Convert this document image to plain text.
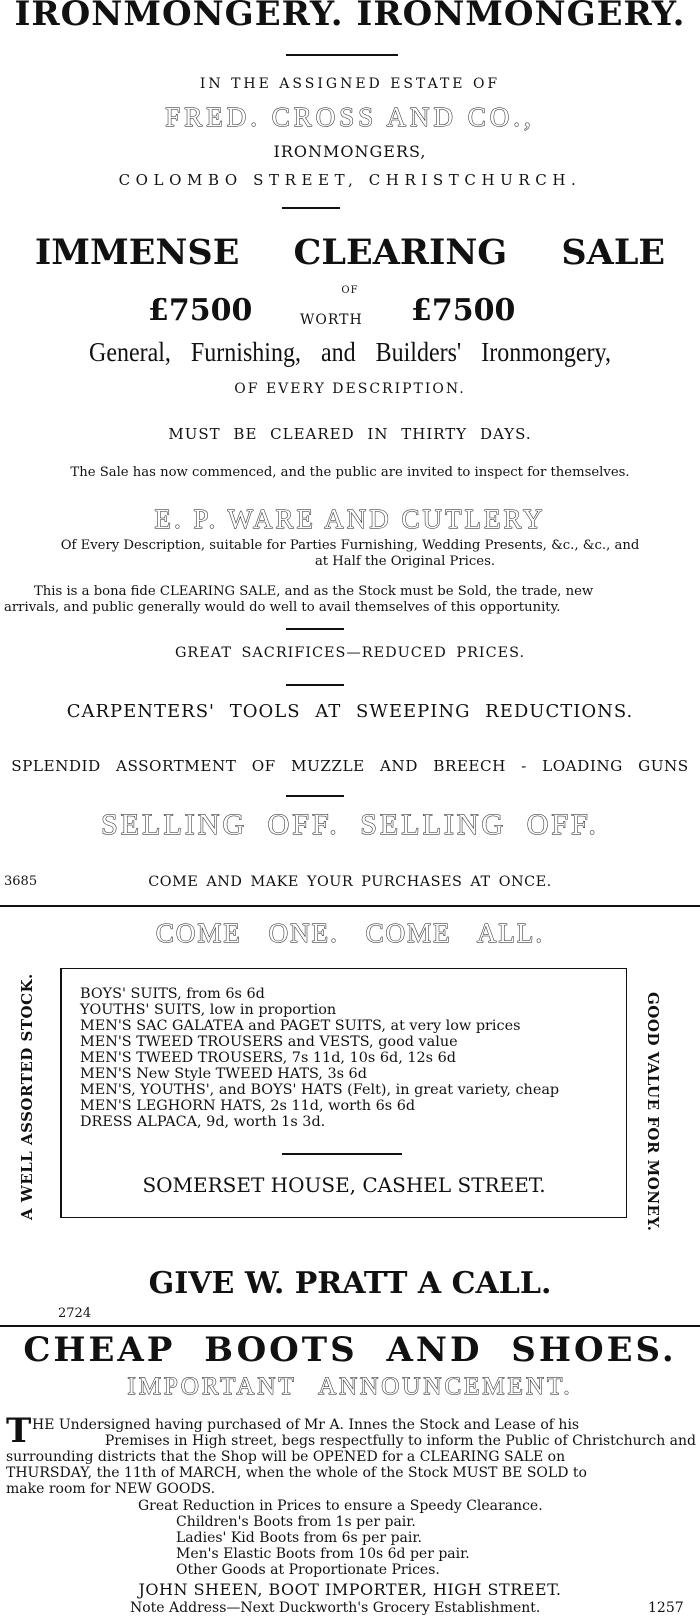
IRONMONGERY. IRONMONGERY.
IN THE ASSIGNED ESTATE OF
FRED. CROSS AND CO.,
IRONMONGERS,
COLOMBO STREET, CHRISTCHURCH.
IMMENSE CLEARING SALE
OF
£7500	WORTH £7500
General, Furnishing, and Builders' Ironmongery,
OF EVERY DESCRIPTION.
MUST BE CLEARED IN THIRTY DAYS.
The Sale has now commenced, and the public are invited to inspect for themselves.
E. P. WARE AND CUTLERY
Of Every Description, suitable for Parties Furnishing, Wedding Presents, &c., &c., and
at Half the Original Prices.
This is a bona fide CLEARING SALE, and as the Stock must be Sold, the trade, new
arrivals, and public generally would do well to avail themselves of this opportunity.
GREAT SACRIFICES—REDUCED PRICES.
CARPENTERS' TOOLS AT SWEEPING REDUCTIONS.
SPLENDID ASSORTMENT OF MUZZLE AND BREECH - LOADING GUNS
SELLING OFF. SELLING OFF.
3685	COME AND MAKE YOUR PURCHASES AT ONCE.
COME ONE. COME ALL.
A WELL ASSORTED STOCK.	GOOD VALUE FOR MONEY.

BOYS' SUITS, from 6s 6d

YOUTHS' SUITS, low in proportion

MEN'S SAC GALATEA and PAGET SUITS, at very low prices

MEN'S TWEED TROUSERS and VESTS, good value

MEN'S TWEED TROUSERS, 7s 11d, 10s 6d, 12s 6d

MEN'S New Style TWEED HATS, 3s 6d

MEN'S, YOUTHS', and BOYS' HATS (Felt), in great variety, cheap

MEN'S LEGHORN HATS, 2s 11d, worth 6s 6d

DRESS ALPACA, 9d, worth 1s 3d.

SOMERSET HOUSE, CASHEL STREET.
GIVE W. PRATT A CALL.
2724
CHEAP BOOTS AND SHOES.
IMPORTANT ANNOUNCEMENT.
T HE Undersigned having purchased of Mr A. Innes the Stock and Lease of his
Premises in High street, begs respectfully to inform the Public of Christchurch and
surrounding districts that the Shop will be OPENED for a CLEARING SALE on
THURSDAY, the 11th of MARCH, when the whole of the Stock MUST BE SOLD to
make room for NEW GOODS.
Great Reduction in Prices to ensure a Speedy Clearance.
Children's Boots from 1s per pair.
Ladies' Kid Boots from 6s per pair.
Men's Elastic Boots from 10s 6d per pair.
Other Goods at Proportionate Prices.
JOHN SHEEN, BOOT IMPORTER, HIGH STREET.
Note Address—Next Duckworth's Grocery Establishment.	1257
